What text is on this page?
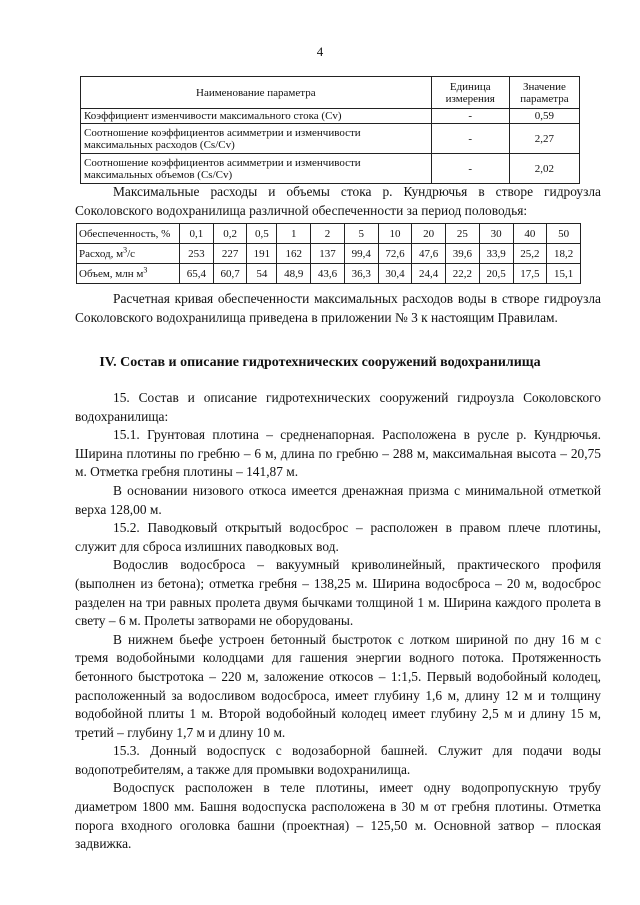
4
Наименование параметра	Единица измерения	Значение параметра
Коэффициент изменчивости максимального стока (Cv)	-	0,59
Соотношение коэффициентов асимметрии и изменчивости максимальных расходов (Cs/Cv)	-	2,27
Соотношение коэффициентов асимметрии и изменчивости максимальных объемов (Cs/Cv)	-	2,02

Максимальные расходы и объемы стока р. Кундрючья в створе гидроузла Соколовского водохранилища различной обеспеченности за период половодья:

Обеспеченность, %	0,1	0,2	0,5	1	2	5	10	20	25	30	40	50
Расход, $м^3/с$	253	227	191	162	137	99,4	72,6	47,6	39,6	33,9	25,2	18,2
Объем, млн $м^3$	65,4	60,7	54	48,9	43,6	36,3	30,4	24,4	22,2	20,5	17,5	15,1

Расчетная кривая обеспеченности максимальных расходов воды в створе гидроузла Соколовского водохранилища приведена в приложении № 3 к настоящим Правилам.

IV. Состав и описание гидротехнических сооружений водохранилища

15. Состав и описание гидротехнических сооружений гидроузла Соколовского водохранилища:

15.1. Грунтовая плотина – средненапорная. Расположена в русле р. Кундрючья. Ширина плотины по гребню – 6 м, длина по гребню – 288 м, максимальная высота – 20,75 м. Отметка гребня плотины – 141,87 м.

В основании низового откоса имеется дренажная призма с минимальной отметкой верха 128,00 м.

15.2. Паводковый открытый водосброс – расположен в правом плече плотины, служит для сброса излишних паводковых вод.

Водослив водосброса – вакуумный криволинейный, практического профиля (выполнен из бетона); отметка гребня – 138,25 м. Ширина водосброса – 20 м, водосброс разделен на три равных пролета двумя бычками толщиной 1 м. Ширина каждого пролета в свету – 6 м. Пролеты затворами не оборудованы.

В нижнем бьефе устроен бетонный быстроток с лотком шириной по дну 16 м с тремя водобойными колодцами для гашения энергии водного потока. Протяженность бетонного быстротока – 220 м, заложение откосов – 1:1,5. Первый водобойный колодец, расположенный за водосливом водосброса, имеет глубину 1,6 м, длину 12 м и толщину водобойной плиты 1 м. Второй водобойный колодец имеет глубину 2,5 м и длину 15 м, третий – глубину 1,7 м и длину 10 м.

15.3. Донный водоспуск с водозаборной башней. Служит для подачи воды водопотребителям, а также для промывки водохранилища.

Водоспуск расположен в теле плотины, имеет одну водопропускную трубу диаметром 1800 мм. Башня водоспуска расположена в 30 м от гребня плотины. Отметка порога входного оголовка башни (проектная) – 125,50 м. Основной затвор – плоская задвижка.
